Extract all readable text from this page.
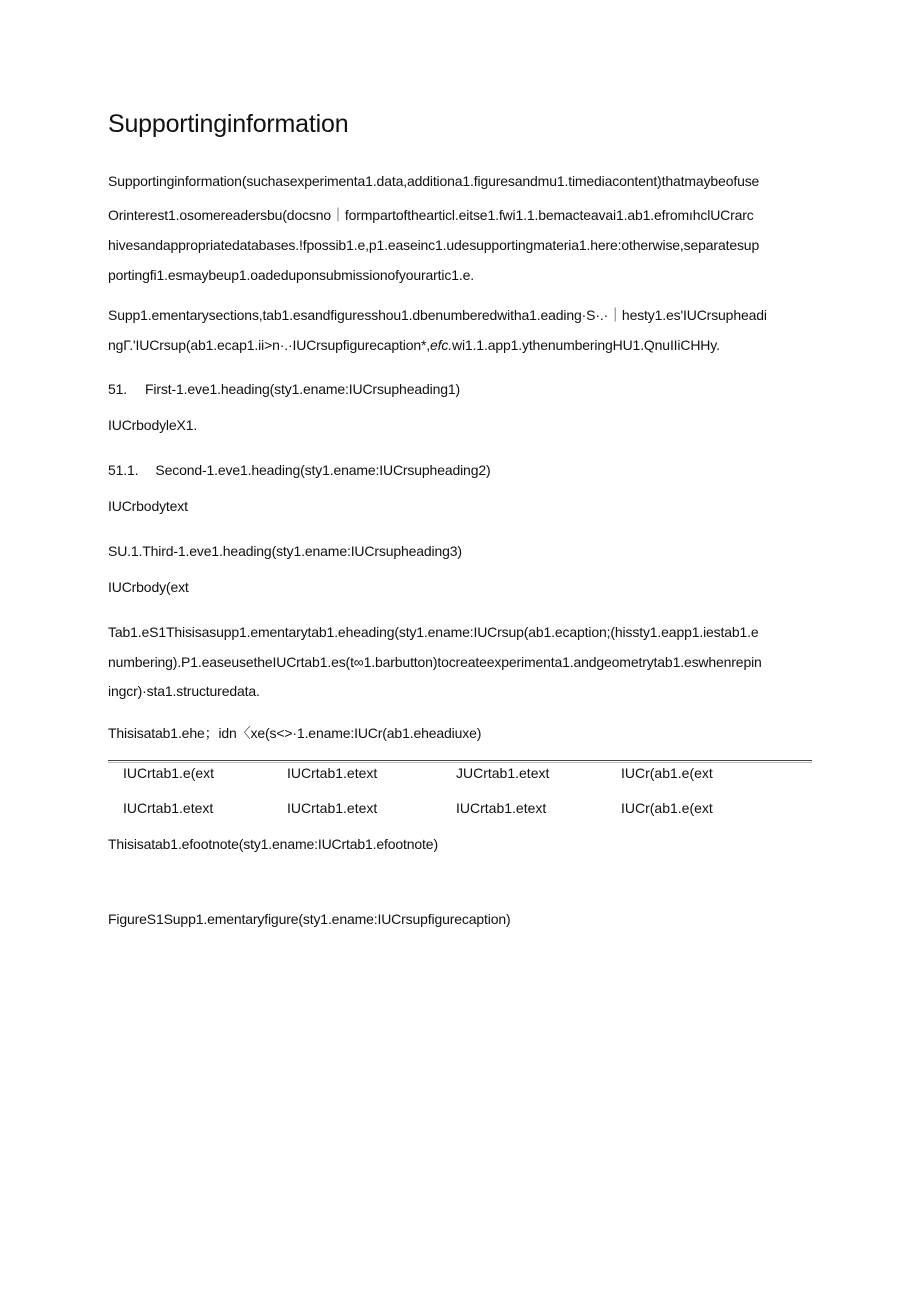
Supportinginformation
Supportinginformation(suchasexperimenta1.data,additiona1.figuresandmu1.timediacontent)thatmaybeofuse
Orinterest1.osomereadersbu(docsno｜formpartofthearticl.eitse1.fwi1.1.bemacteavai1.ab1.efromıhclUCrarc
hivesandappropriatedatabases.!fpossib1.e,p1.easeinc1.udesupportingmateria1.here:otherwise,separatesup
portingfi1.esmaybeup1.oadeduponsubmissionofyourartic1.e.
Supp1.ementarysections,tab1.esandfiguresshou1.dbenumberedwitha1.eading·S·.·｜hesty1.es'IUCrsupheadi
ngΓ.'IUCrsup(ab1.ecap1.ii>n·.·IUCrsupfigurecaption*,efc.wi1.1.app1.ythenumberingHU1.QnuIIiCHHy.
51. First-1.eve1.heading(sty1.ename:IUCrsupheading1)
IUCrbodyleX1.
51.1. Second-1.eve1.heading(sty1.ename:IUCrsupheading2)
IUCrbodytext
SU.1.Third-1.eve1.heading(sty1.ename:IUCrsupheading3)
IUCrbody(ext
Tab1.eS1Thisisasupp1.ementarytab1.eheading(sty1.ename:IUCrsup(ab1.ecaption;(hissty1.eapp1.iestab1.e
numbering).P1.easeusetheIUCrtab1.es(t∞1.barbutton)tocreateexperimenta1.andgeometrytab1.eswhenrepin
ingcr)·sta1.structuredata.
Thisisatab1.ehe；idn〈xe(s<>·1.ename:IUCr(ab1.eheadiuxe)
IUCrtab1.e(ext	IUCrtab1.etext	JUCrtab1.etext	IUCr(ab1.e(ext
IUCrtab1.etext	IUCrtab1.etext	IUCrtab1.etext	IUCr(ab1.e(ext
Thisisatab1.efootnote(sty1.ename:IUCrtab1.efootnote)
FigureS1Supp1.ementaryfigure(sty1.ename:IUCrsupfigurecaption)
